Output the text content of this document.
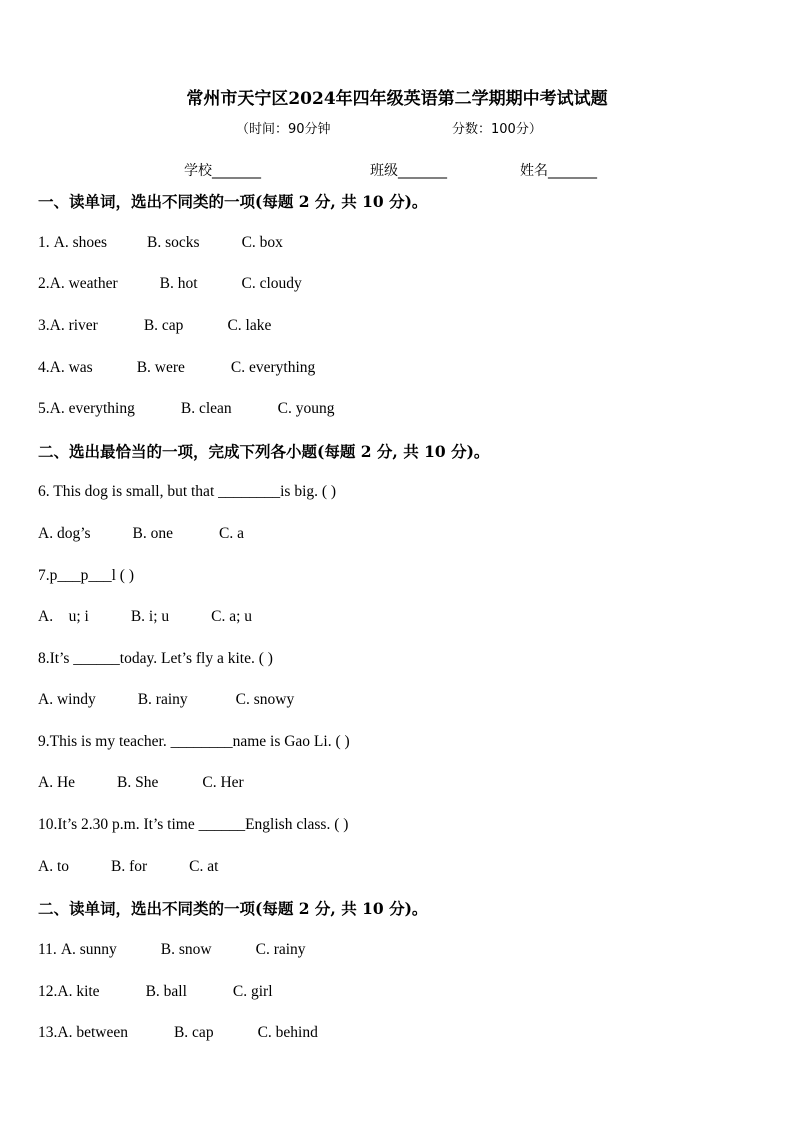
常州市天宁区2024年四年级英语第二学期期中考试试题
（时间：90分钟	分数：100分）
学校_______	班级_______	姓名_______
一、读单词，选出不同类的一项(每题 2 分, 共 10 分)。
1. A. shoes	B. socks	C. box
2.A. weather	B. hot	C. cloudy
3.A. river	B. cap	C. lake
4.A. was	B. were	C. everything
5.A. everything	B. clean	C. young
二、选出最恰当的一项，完成下列各小题(每题 2 分, 共 10 分)。
6. This dog is small, but that ________is big. ( )
A. dog’s	B. one	C. a
7.p___p___l ( )
A.    u; i	B. i; u	C. a; u
8.It’s ______today. Let’s fly a kite. ( )
A. windy	B. rainy	C. snowy
9.This is my teacher. ________name is Gao Li. ( )
A. He	B. She	C. Her
10.It’s 2.30 p.m. It’s time ______English class. ( )
A. to	B. for	C. at
二、读单词，选出不同类的一项(每题 2 分, 共 10 分)。
11. A. sunny	B. snow	C. rainy
12.A. kite	B. ball	C. girl
13.A. between	B. cap	C. behind
